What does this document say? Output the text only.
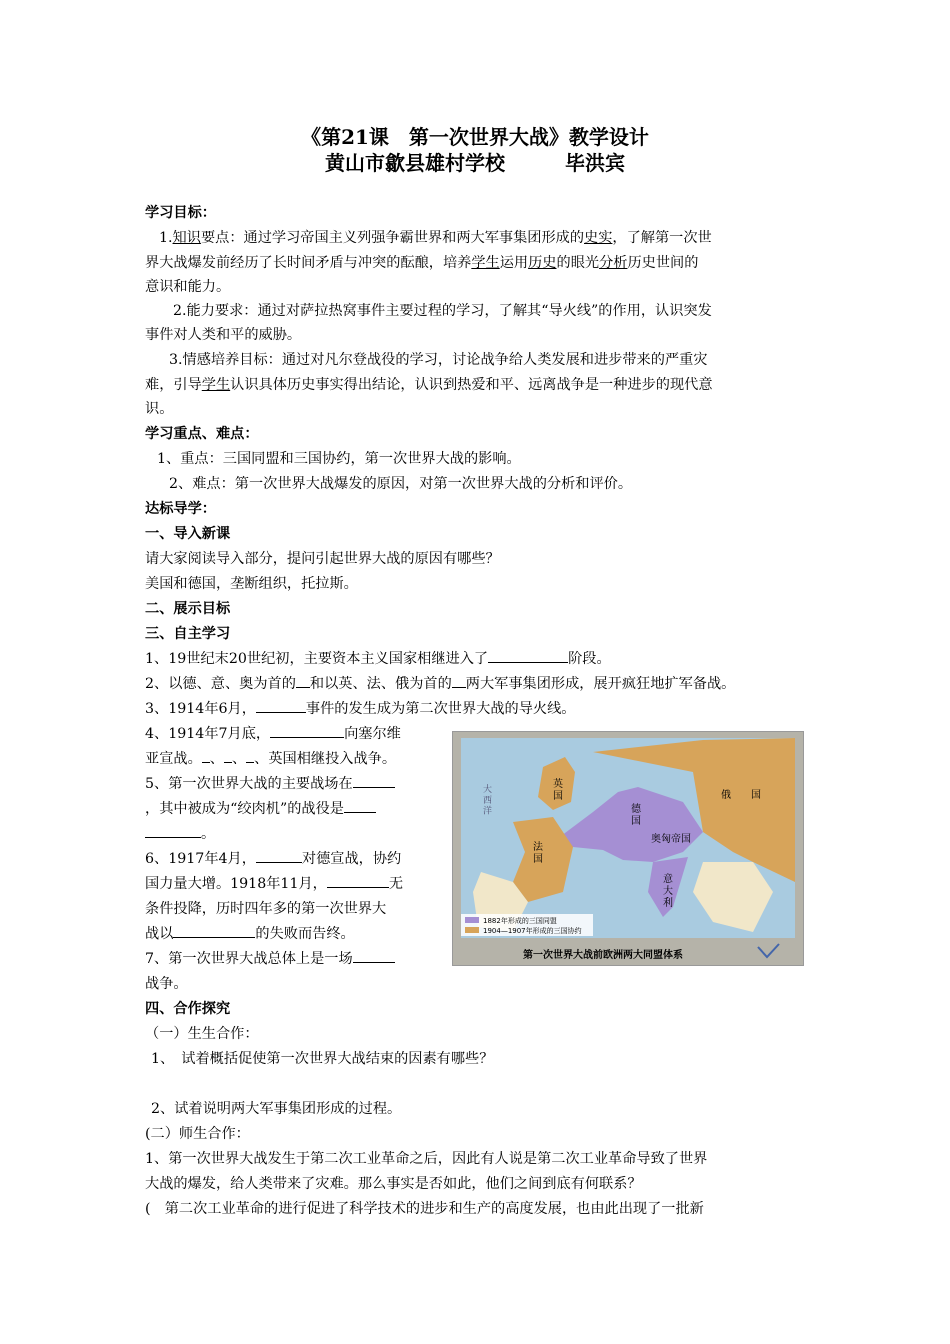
《第21课　第一次世界大战》教学设计
黄山市歙县雄村学校　　　毕洪宾
学习目标：
1.知识要点：通过学习帝国主义列强争霸世界和两大军事集团形成的史实，了解第一次世
界大战爆发前经历了长时间矛盾与冲突的酝酿，培养学生运用历史的眼光分析历史世间的
意识和能力。
2.能力要求：通过对萨拉热窝事件主要过程的学习，了解其“导火线”的作用，认识突发
事件对人类和平的威胁。
3.情感培养目标：通过对凡尔登战役的学习，讨论战争给人类发展和进步带来的严重灾
难，引导学生认识具体历史事实得出结论，认识到热爱和平、远离战争是一种进步的现代意
识。
学习重点、难点：
1、重点：三国同盟和三国协约，第一次世界大战的影响。
2、难点：第一次世界大战爆发的原因，对第一次世界大战的分析和评价。
达标导学：
一、导入新课
请大家阅读导入部分，提问引起世界大战的原因有哪些？
美国和德国，垄断组织，托拉斯。
二、展示目标
三、自主学习
1、19世纪末20世纪初，主要资本主义国家相继进入了	阶段。
2、以德、意、奥为首的 和以英、法、俄为首的 两大军事集团形成，展开疯狂地扩军备战。
3、1914年6月，	事件的发生成为第二次世界大战的导火线。
4、1914年7月底，	向塞尔维
亚宣战。 、 、 、英国相继投入战争。
5、第一次世界大战的主要战场在
，其中被成为“绞肉机”的战役是
。
6、1917年4月，	对德宣战，协约
国力量大增。1918年11月，	无
条件投降，历时四年多的第一次世界大
战以	的失败而告终。
7、第一次世界大战总体上是一场
战争。
1882年形成的三国同盟
1904—1907年形成的三国协约
英国
法国
德国
俄　　国
奥匈帝国
意大利
大西洋
第一次世界大战前欧洲两大同盟体系
四、合作探究
（一）生生合作：
1、　试着概括促使第一次世界大战结束的因素有哪些？
2、试着说明两大军事集团形成的过程。
(二）师生合作：
1、第一次世界大战发生于第二次工业革命之后，因此有人说是第二次工业革命导致了世界
大战的爆发，给人类带来了灾难。那么事实是否如此，他们之间到底有何联系？
(　第二次工业革命的进行促进了科学技术的进步和生产的高度发展，也由此出现了一批新
